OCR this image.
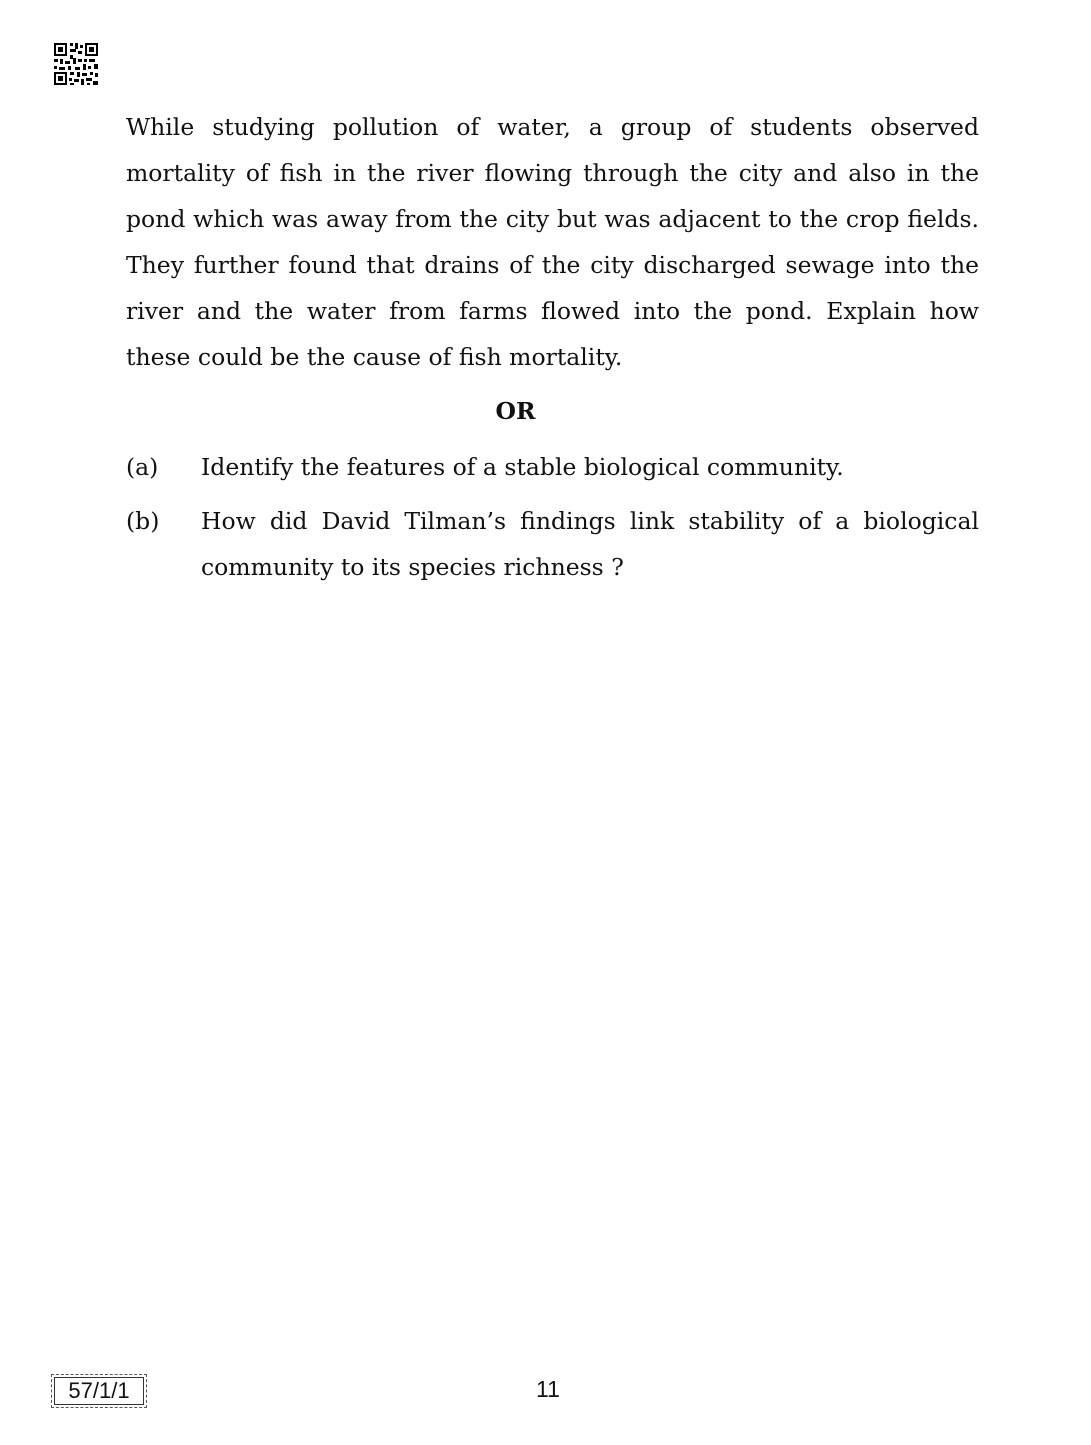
While studying pollution of water, a group of students observed mortality of fish in the river flowing through the city and also in the pond which was away from the city but was adjacent to the crop fields. They further found that drains of the city discharged sewage into the river and the water from farms flowed into the pond. Explain how these could be the cause of fish mortality.

OR
(a)	Identify the features of a stable biological community.
(b)	How did David Tilman’s findings link stability of a biological community to its species richness ?
57/1/1	11
